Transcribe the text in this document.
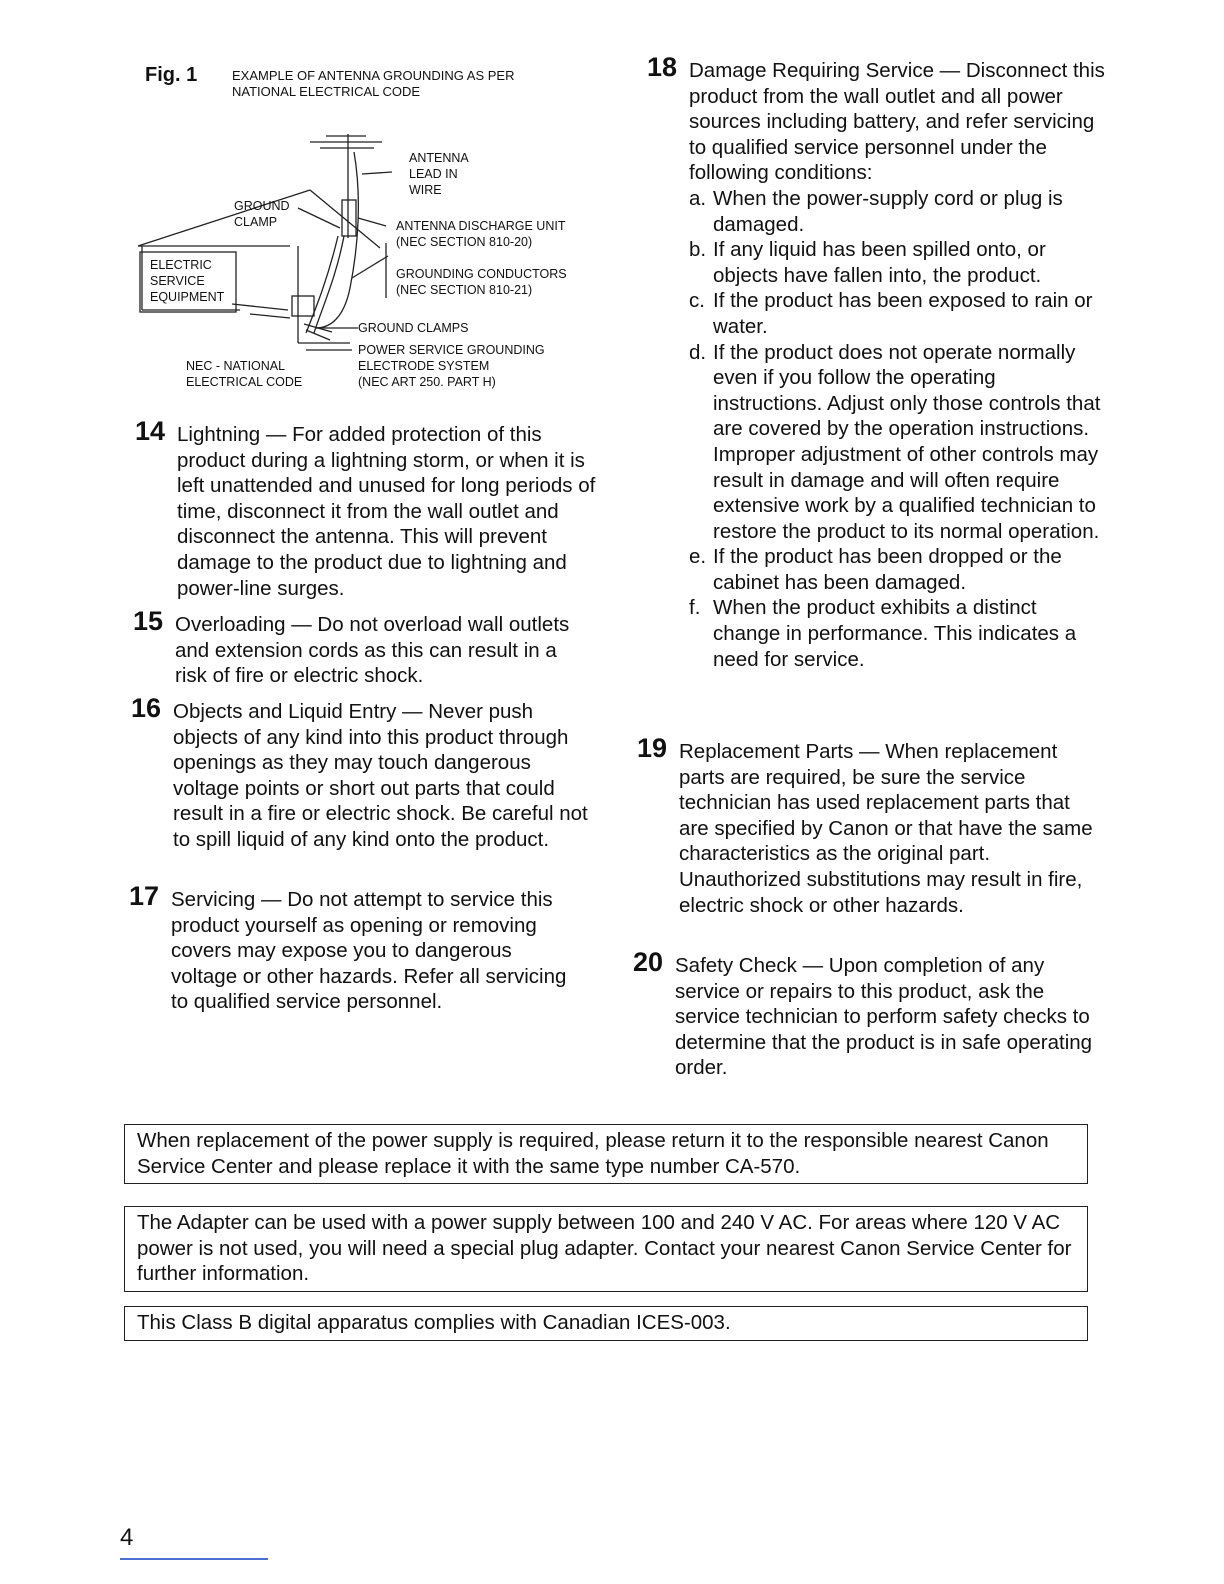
Fig. 1	EXAMPLE OF ANTENNA GROUNDING AS PER NATIONAL ELECTRICAL CODE
ANTENNA
LEAD IN
WIRE
GROUND
CLAMP	ANTENNA DISCHARGE UNIT
(NEC SECTION 810-20)
ELECTRIC
SERVICE
EQUIPMENT
GROUNDING CONDUCTORS
(NEC SECTION 810-21)
GROUND CLAMPS
POWER SERVICE GROUNDING
ELECTRODE SYSTEM
(NEC ART 250. PART H)
NEC - NATIONAL
ELECTRICAL CODE
14 Lightning — For added protection of this product during a lightning storm, or when it is left unattended and unused for long periods of time, disconnect it from the wall outlet and disconnect the antenna. This will prevent damage to the product due to lightning and power-line surges.
15 Overloading — Do not overload wall outlets and extension cords as this can result in a risk of fire or electric shock.
16 Objects and Liquid Entry — Never push objects of any kind into this product through openings as they may touch dangerous voltage points or short out parts that could result in a fire or electric shock. Be careful not to spill liquid of any kind onto the product.
17 Servicing — Do not attempt to service this product yourself as opening or removing covers may expose you to dangerous voltage or other hazards. Refer all servicing to qualified service personnel.
18 Damage Requiring Service — Disconnect this product from the wall outlet and all power sources including battery, and refer servicing to qualified service personnel under the following conditions:
a. When the power-supply cord or plug is damaged.
b. If any liquid has been spilled onto, or objects have fallen into, the product.
c. If the product has been exposed to rain or water.
d. If the product does not operate normally even if you follow the operating instructions. Adjust only those controls that are covered by the operation instructions. Improper adjustment of other controls may result in damage and will often require extensive work by a qualified technician to restore the product to its normal operation.
e. If the product has been dropped or the cabinet has been damaged.
f. When the product exhibits a distinct change in performance. This indicates a need for service.
19 Replacement Parts — When replacement parts are required, be sure the service technician has used replacement parts that are specified by Canon or that have the same characteristics as the original part. Unauthorized substitutions may result in fire, electric shock or other hazards.
20 Safety Check — Upon completion of any service or repairs to this product, ask the service technician to perform safety checks to determine that the product is in safe operating order.
When replacement of the power supply is required, please return it to the responsible nearest Canon Service Center and please replace it with the same type number CA-570.
The Adapter can be used with a power supply between 100 and 240 V AC. For areas where 120 V AC power is not used, you will need a special plug adapter. Contact your nearest Canon Service Center for further information.
This Class B digital apparatus complies with Canadian ICES-003.
4
